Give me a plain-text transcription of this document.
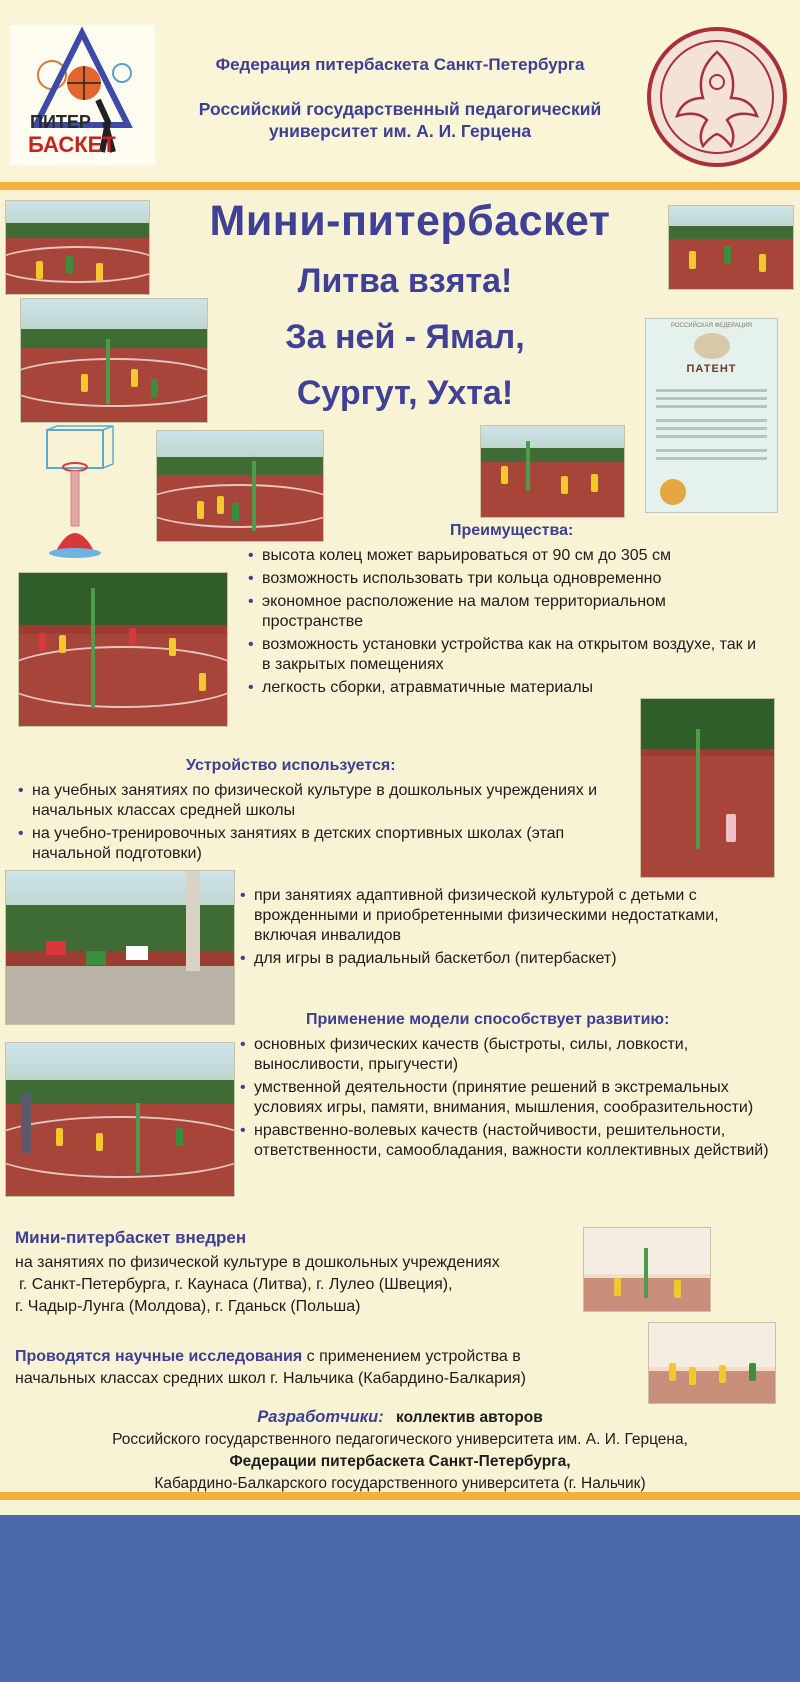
ПИТЕР
БАСКЕТ
Федерация питербаскета Санкт-Петербурга
Российский государственный педагогический
университет им. А. И. Герцена
Мини-питербаскет
Литва взята!
За ней - Ямал,
Сургут, Ухта!
РОССИЙСКАЯ ФЕДЕРАЦИЯ
ПАТЕНТ
Преимущества:
• высота колец может варьироваться от 90 см до 305 см
• возможность использовать три кольца одновременно
• экономное расположение на малом территориальном пространстве
• возможность установки устройства как на открытом воздухе, так и в закрытых помещениях
• легкость сборки, атравматичные материалы
Устройство используется:
• на учебных занятиях по физической культуре в дошкольных учреждениях и начальных классах средней школы
• на учебно-тренировочных занятиях в детских спортивных школах (этап начальной подготовки)
• при занятиях адаптивной физической культурой с детьми с врожденными и приобретенными физическими недостатками, включая инвалидов
• для игры в радиальный баскетбол (питербаскет)
Применение модели способствует развитию:
• основных физических качеств (быстроты, силы, ловкости, выносливости, прыгучести)
• умственной деятельности (принятие решений в экстремальных условиях игры, памяти, внимания, мышления, сообразительности)
• нравственно-волевых качеств (настойчивости, решительности, ответственности, самообладания, важности коллективных действий)
Мини-питербаскет внедрен
на занятиях по физической культуре в дошкольных учреждениях
г. Санкт-Петербурга, г. Каунаса (Литва), г. Лулео (Швеция),
г. Чадыр-Лунга (Молдова), г. Гданьск (Польша)
Проводятся научные исследования с применением устройства в
начальных классах средних школ г. Нальчика (Кабардино-Балкария)
Разработчики: коллектив авторов
Российского государственного педагогического университета им. А. И. Герцена,
Федерации питербаскета Санкт-Петербурга,
Кабардино-Балкарского государственного университета (г. Нальчик)
